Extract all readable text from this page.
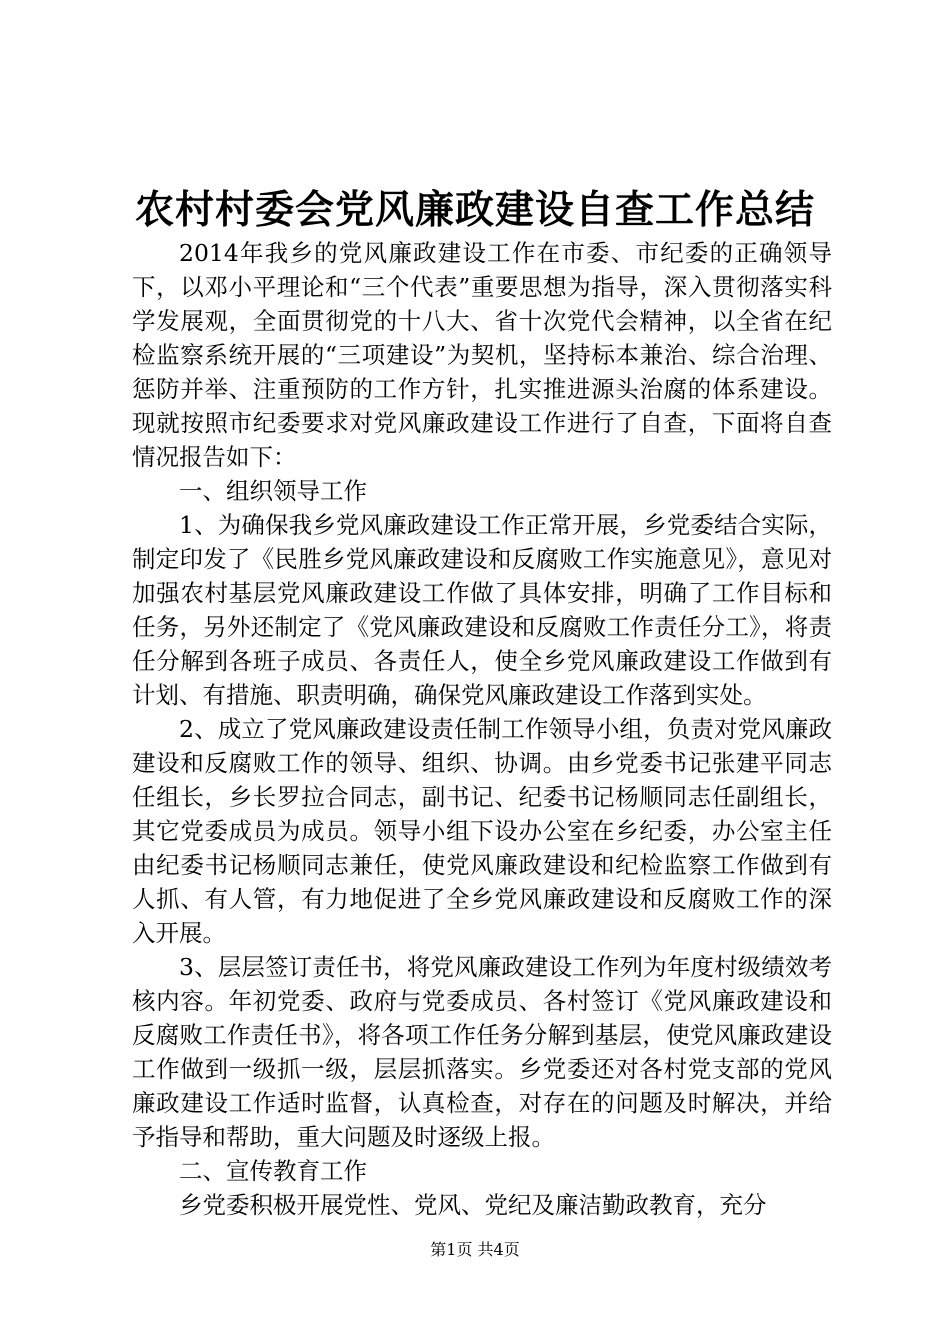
农村村委会党风廉政建设自查工作总结

2014年我乡的党风廉政建设工作在市委、市纪委的正确领导下，以邓小平理论和“三个代表”重要思想为指导，深入贯彻落实科学发展观，全面贯彻党的十八大、省十次党代会精神，以全省在纪检监察系统开展的“三项建设”为契机，坚持标本兼治、综合治理、惩防并举、注重预防的工作方针，扎实推进源头治腐的体系建设。现就按照市纪委要求对党风廉政建设工作进行了自查，下面将自查情况报告如下：

一、组织领导工作

1、为确保我乡党风廉政建设工作正常开展，乡党委结合实际，制定印发了《民胜乡党风廉政建设和反腐败工作实施意见》，意见对加强农村基层党风廉政建设工作做了具体安排，明确了工作目标和任务，另外还制定了《党风廉政建设和反腐败工作责任分工》，将责任分解到各班子成员、各责任人，使全乡党风廉政建设工作做到有计划、有措施、职责明确，确保党风廉政建设工作落到实处。

2、成立了党风廉政建设责任制工作领导小组，负责对党风廉政建设和反腐败工作的领导、组织、协调。由乡党委书记张建平同志任组长，乡长罗拉合同志，副书记、纪委书记杨顺同志任副组长，其它党委成员为成员。领导小组下设办公室在乡纪委，办公室主任由纪委书记杨顺同志兼任，使党风廉政建设和纪检监察工作做到有人抓、有人管，有力地促进了全乡党风廉政建设和反腐败工作的深入开展。

3、层层签订责任书，将党风廉政建设工作列为年度村级绩效考核内容。年初党委、政府与党委成员、各村签订《党风廉政建设和反腐败工作责任书》，将各项工作任务分解到基层，使党风廉政建设工作做到一级抓一级，层层抓落实。乡党委还对各村党支部的党风廉政建设工作适时监督，认真检查，对存在的问题及时解决，并给予指导和帮助，重大问题及时逐级上报。

二、宣传教育工作

乡党委积极开展党性、党风、党纪及廉洁勤政教育，充分

第1页 共4页
